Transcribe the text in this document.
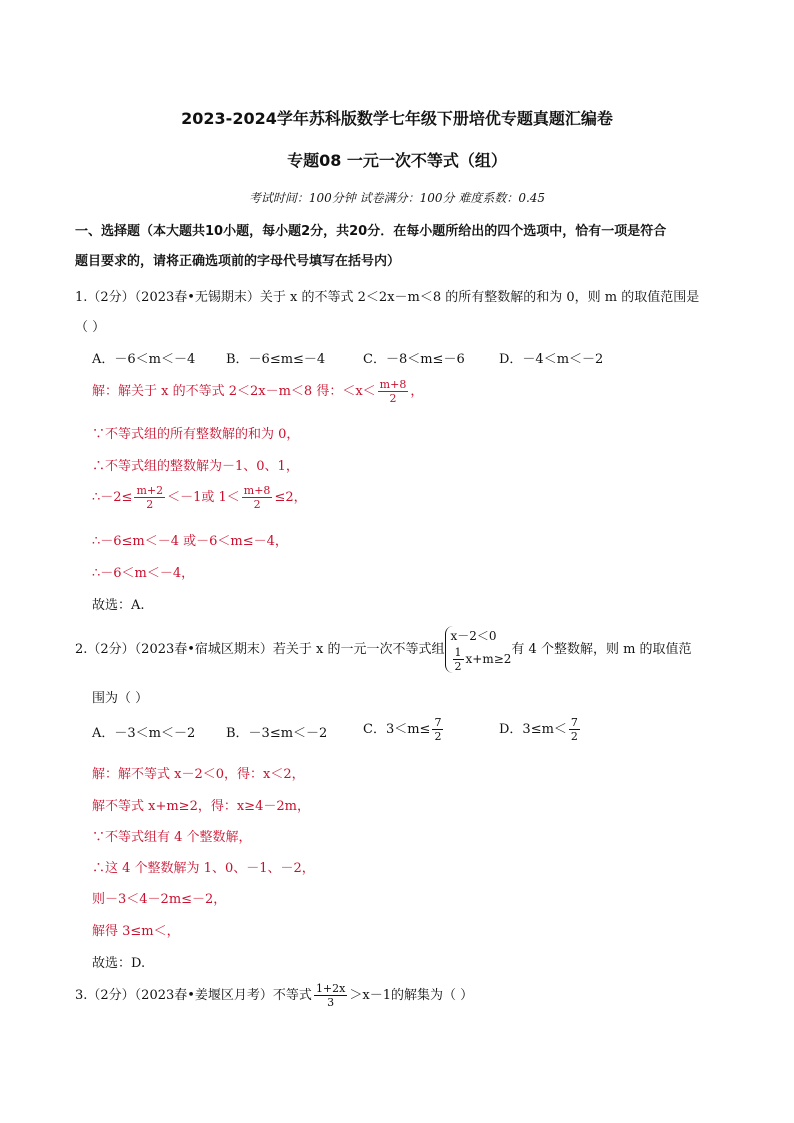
2023-2024学年苏科版数学七年级下册培优专题真题汇编卷
专题08 一元一次不等式（组）
考试时间：100分钟 试卷满分：100分 难度系数：0.45
一、选择题（本大题共10小题，每小题2分，共20分．在每小题所给出的四个选项中，恰有一项是符合
题目要求的，请将正确选项前的字母代号填写在括号内）
1.（2分）（2023春•无锡期末）关于 x 的不等式 2＜2x－m＜8 的所有整数解的和为 0，则 m 的取值范围是
（ ）
A．－6＜m＜－4 B．－6≤m≤－4	C．－8＜m≤－6	D．－4＜m＜－2
解：解关于 x 的不等式 2＜2x－m＜8 得：$<x< \frac{m+8}{2}$ ，
∵不等式组的所有整数解的和为 0，
∴不等式组的整数解为－1、0、1，
∴－2≤ $\frac{m+2}{2} <-1$或 $1< \frac{m+8}{2} \le 2$，
∴－6≤m＜－4 或－6＜m≤－4，
∴－6＜m＜－4，
故选：A.
2.（2分）（2023春•宿城区期末）若关于 x 的一元一次不等式组
x－2＜0
$\frac{1}{2} x+m\ge 2$
有 4 个整数解，则 m 的取值范
围为（ ）
A．－3＜m＜－2 B．－3≤m＜－2	C．$3<m\le \frac{7}{2}$	D．$3\le m< \frac{7}{2}$
解：解不等式 x－2＜0，得：x＜2，
解不等式 x+m≥2，得：x≥4－2m，
∵不等式组有 4 个整数解，
∴这 4 个整数解为 1、0、－1、－2，
则－3＜4－2m≤－2，
解得 3≤m＜，
故选：D.
3.（2分）（2023春•姜堰区月考）不等式 $\frac{1+2x}{3} >x-1$的解集为（ ）
